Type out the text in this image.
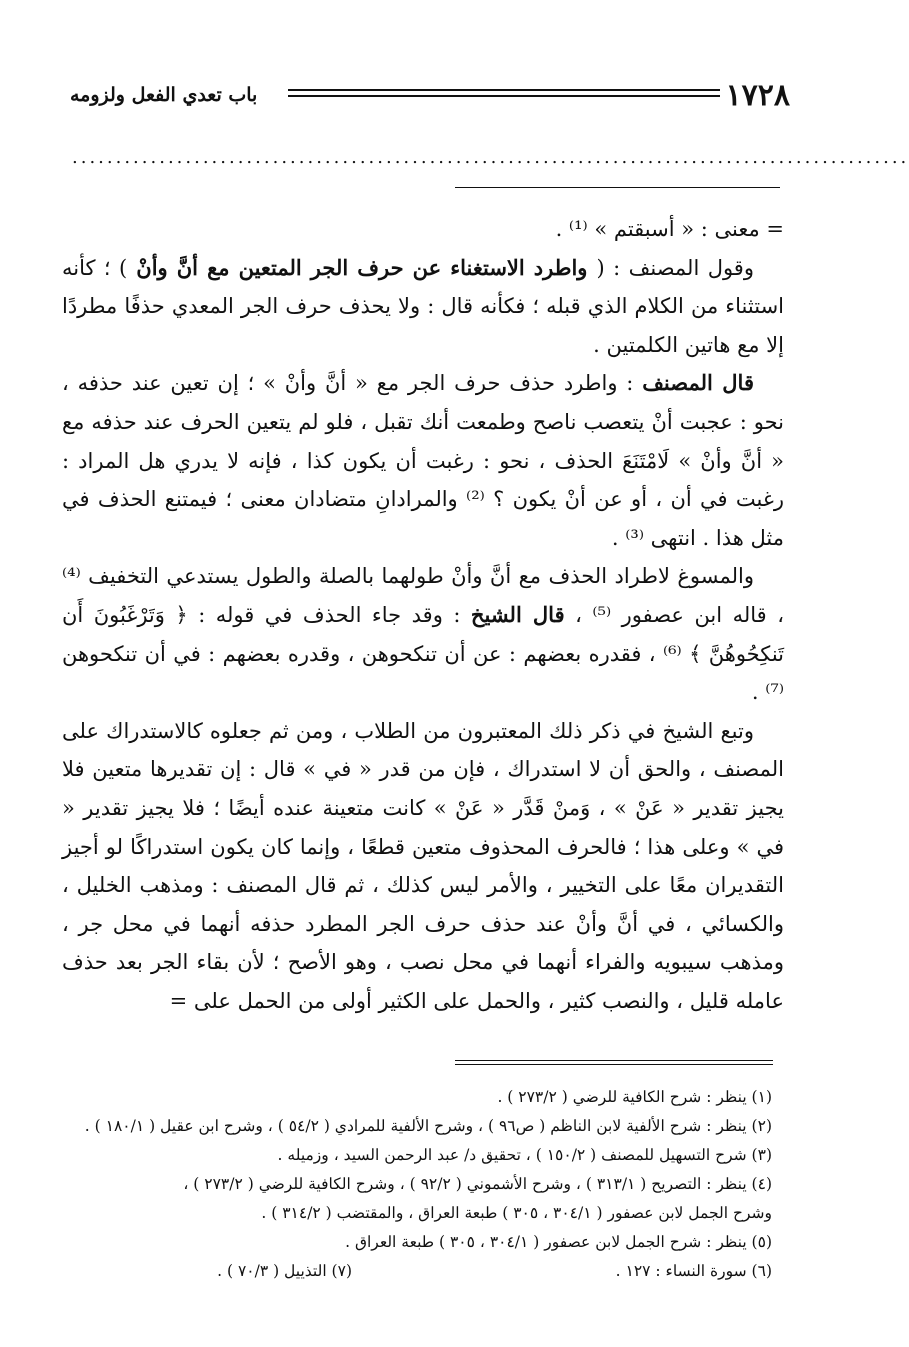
١٧٢٨
باب تعدي الفعل ولزومه
................................................................................................

= معنى : « أسبقتم » ⁽¹⁾ .

وقول المصنف : ( واطرد الاستغناء عن حرف الجر المتعين مع أنَّ وأنْ ) ؛ كأنه استثناء من الكلام الذي قبله ؛ فكأنه قال : ولا يحذف حرف الجر المعدي حذفًا مطردًا إلا مع هاتين الكلمتين .

قال المصنف : واطرد حذف حرف الجر مع « أنَّ وأنْ » ؛ إن تعين عند حذفه ، نحو : عجبت أنْ يتعصب ناصح وطمعت أنك تقبل ، فلو لم يتعين الحرف عند حذفه مع « أنَّ وأنْ » لَامْتَنَعَ الحذف ، نحو : رغبت أن يكون كذا ، فإنه لا يدري هل المراد : رغبت في أن ، أو عن أنْ يكون ؟ ⁽²⁾ والمرادانِ متضادان معنى ؛ فيمتنع الحذف في مثل هذا . انتهى ⁽³⁾ .

والمسوغ لاطراد الحذف مع أنَّ وأنْ طولهما بالصلة والطول يستدعي التخفيف ⁽⁴⁾ ، قاله ابن عصفور ⁽⁵⁾ ، قال الشيخ : وقد جاء الحذف في قوله : ﴿ وَتَرْغَبُونَ أَن تَنكِحُوهُنَّ ﴾ ⁽⁶⁾ ، فقدره بعضهم : عن أن تنكحوهن ، وقدره بعضهم : في أن تنكحوهن ⁽⁷⁾ .

وتبع الشيخ في ذكر ذلك المعتبرون من الطلاب ، ومن ثم جعلوه كالاستدراك على المصنف ، والحق أن لا استدراك ، فإن من قدر « في » قال : إن تقديرها متعين فلا يجيز تقدير « عَنْ » ، وَمنْ قَدَّر « عَنْ » كانت متعينة عنده أيضًا ؛ فلا يجيز تقدير « في » وعلى هذا ؛ فالحرف المحذوف متعين قطعًا ، وإنما كان يكون استدراكًا لو أجيز التقديران معًا على التخيير ، والأمر ليس كذلك ، ثم قال المصنف : ومذهب الخليل ، والكسائي ، في أنَّ وأنْ عند حذف حرف الجر المطرد حذفه أنهما في محل جر ، ومذهب سيبويه والفراء أنهما في محل نصب ، وهو الأصح ؛ لأن بقاء الجر بعد حذف عامله قليل ، والنصب كثير ، والحمل على الكثير أولى من الحمل على =

(١) ينظر : شرح الكافية للرضي ( ٢٧٣/٢ ) .

(٢) ينظر : شرح الألفية لابن الناظم ( ص٩٦ ) ، وشرح الألفية للمرادي ( ٥٤/٢ ) ، وشرح ابن عقيل ( ١٨٠/١ ) .

(٣) شرح التسهيل للمصنف ( ١٥٠/٢ ) ، تحقيق د/ عبد الرحمن السيد ، وزميله .

(٤) ينظر : التصريح ( ٣١٣/١ ) ، وشرح الأشموني ( ٩٢/٢ ) ، وشرح الكافية للرضي ( ٢٧٣/٢ ) ،

وشرح الجمل لابن عصفور ( ٣٠٤/١ ، ٣٠٥ ) طبعة العراق ، والمقتضب ( ٣١٤/٢ ) .

(٥) ينظر : شرح الجمل لابن عصفور ( ٣٠٤/١ ، ٣٠٥ ) طبعة العراق .

(٦) سورة النساء : ١٢٧ .
(٧) التذييل ( ٧٠/٣ ) .
